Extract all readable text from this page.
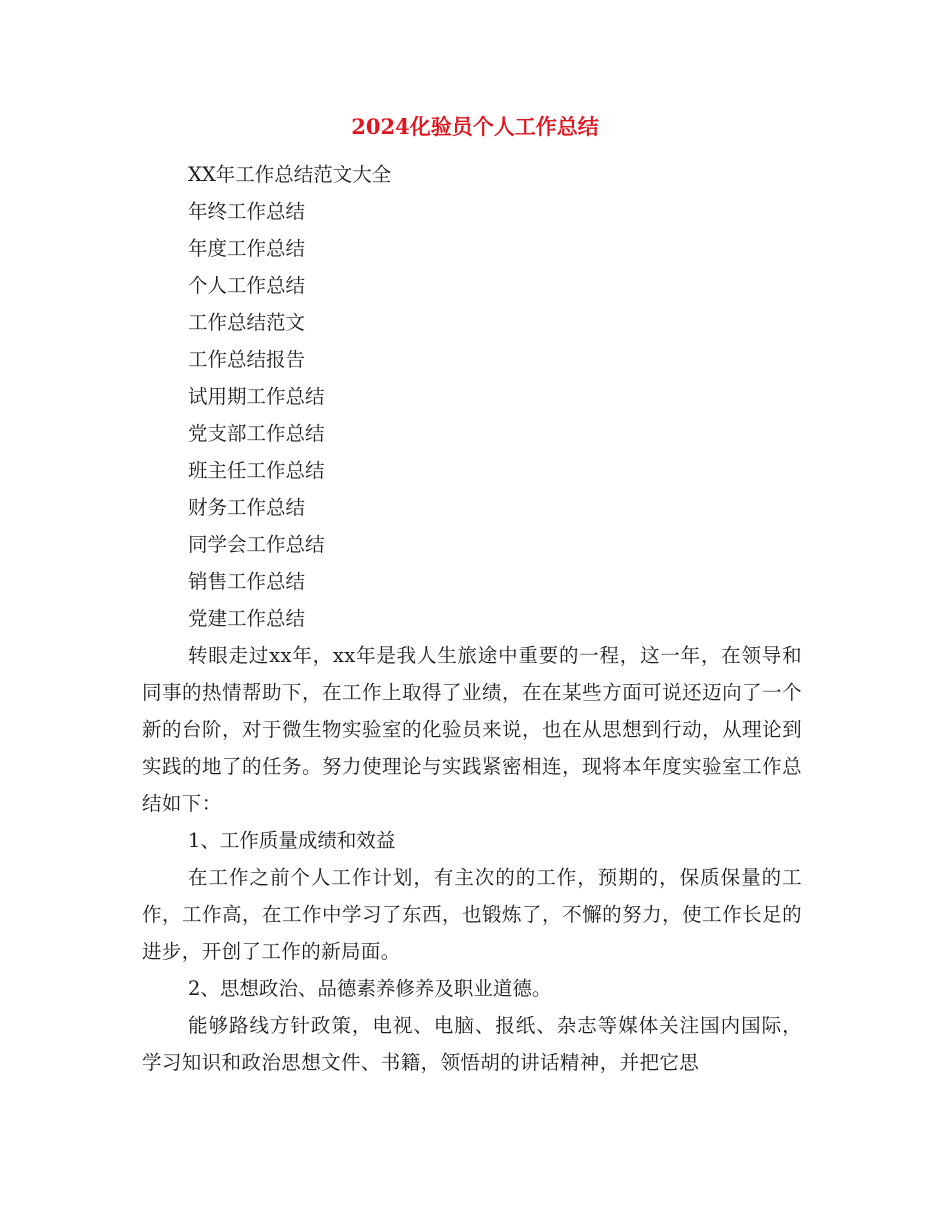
2024化验员个人工作总结

XX年工作总结范文大全

年终工作总结

年度工作总结

个人工作总结

工作总结范文

工作总结报告

试用期工作总结

党支部工作总结

班主任工作总结

财务工作总结

同学会工作总结

销售工作总结

党建工作总结

转眼走过xx年，xx年是我人生旅途中重要的一程，这一年，在领导和同事的热情帮助下，在工作上取得了业绩，在在某些方面可说还迈向了一个新的台阶，对于微生物实验室的化验员来说，也在从思想到行动，从理论到实践的地了的任务。努力使理论与实践紧密相连，现将本年度实验室工作总结如下：

1、工作质量成绩和效益

在工作之前个人工作计划，有主次的的工作，预期的，保质保量的工作，工作高，在工作中学习了东西，也锻炼了，不懈的努力，使工作长足的进步，开创了工作的新局面。

2、思想政治、品德素养修养及职业道德。

能够路线方针政策，电视、电脑、报纸、杂志等媒体关注国内国际，学习知识和政治思想文件、书籍，领悟胡的讲话精神，并把它思
